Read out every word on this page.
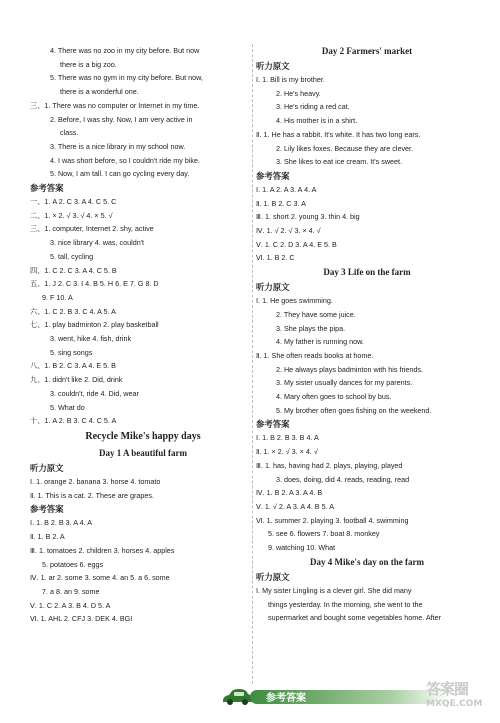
4. There was no zoo in my city before. But now
there is a big zoo.
5. There was no gym in my city before. But now,
there is a wonderful one.
三、1. There was no computer or Internet in my time.
2. Before, I was shy. Now, I am very active in
class.
3. There is a nice library in my school now.
4. I was short before, so I couldn't ride my bike.
5. Now, I am tall. I can go cycling every day.
参考答案
一、1. A 2. C 3. A 4. C 5. C
二、1. × 2. √ 3. √ 4. × 5. √
三、1. computer, Internet 2. shy, active
3. nice library 4. was, couldn't
5. tall, cycling
四、1. C 2. C 3. A 4. C 5. B
五、1. J 2. C 3. I 4. B 5. H 6. E 7. G 8. D
9. F 10. A
六、1. C 2. B 3. C 4. A 5. A
七、1. play badminton 2. play basketball
3. went, hike 4. fish, drink
5. sing songs
八、1. B 2. C 3. A 4. E 5. B
九、1. didn't like 2. Did, drink
3. couldn't, ride 4. Did, wear
5. What do
十、1. A 2. B 3. C 4. C 5. A
Recycle Mike's happy days
Day 1 A beautiful farm
听力原文
Ⅰ. 1. orange 2. banana 3. horse 4. tomato
Ⅱ. 1. This is a cat. 2. These are grapes.
参考答案
Ⅰ. 1. B 2. B 3. A 4. A
Ⅱ. 1. B 2. A
Ⅲ. 1. tomatoes 2. children 3. horses 4. apples
5. potatoes 6. eggs
Ⅳ. 1. ar 2. some 3. some 4. an 5. a 6. some
7. a 8. an 9. some
Ⅴ. 1. C 2. A 3. B 4. D 5. A
Ⅵ. 1. AHL 2. CFJ 3. DEK 4. BGI
Day 2 Farmers' market
听力原文
Ⅰ. 1. Bill is my brother.
2. He's heavy.
3. He's riding a red cat.
4. His mother is in a shirt.
Ⅱ. 1. He has a rabbit. It's white. It has two long ears.
2. Lily likes foxes. Because they are clever.
3. She likes to eat ice cream. It's sweet.
参考答案
Ⅰ. 1. A 2. A 3. A 4. A
Ⅱ. 1. B 2. C 3. A
Ⅲ. 1. short 2. young 3. thin 4. big
Ⅳ. 1. √ 2. √ 3. × 4. √
Ⅴ. 1. C 2. D 3. A 4. E 5. B
Ⅵ. 1. B 2. C
Day 3 Life on the farm
听力原文
Ⅰ. 1. He goes swimming.
2. They have some juice.
3. She plays the pipa.
4. My father is running now.
Ⅱ. 1. She often reads books at home.
2. He always plays badminton with his friends.
3. My sister usually dances for my parents.
4. Mary often goes to school by bus.
5. My brother often goes fishing on the weekend.
参考答案
Ⅰ. 1. B 2. B 3. B 4. A
Ⅱ. 1. × 2. √ 3. × 4. √
Ⅲ. 1. has, having had 2. plays, playing, played
3. does, doing, did 4. reads, reading, read
Ⅳ. 1. B 2. A 3. A 4. B
Ⅴ. 1. √ 2. A 3. A 4. B 5. A
Ⅵ. 1. summer 2. playing 3. football 4. swimming
5. see 6. flowers 7. boat 8. monkey
9. watching 10. What
Day 4 Mike's day on the farm
听力原文
Ⅰ. My sister Lingling is a clever girl. She did many
things yesterday. In the morning, she went to the
supermarket and bought some vegetables home. After
参考答案
答案圈
MXQE.COM
